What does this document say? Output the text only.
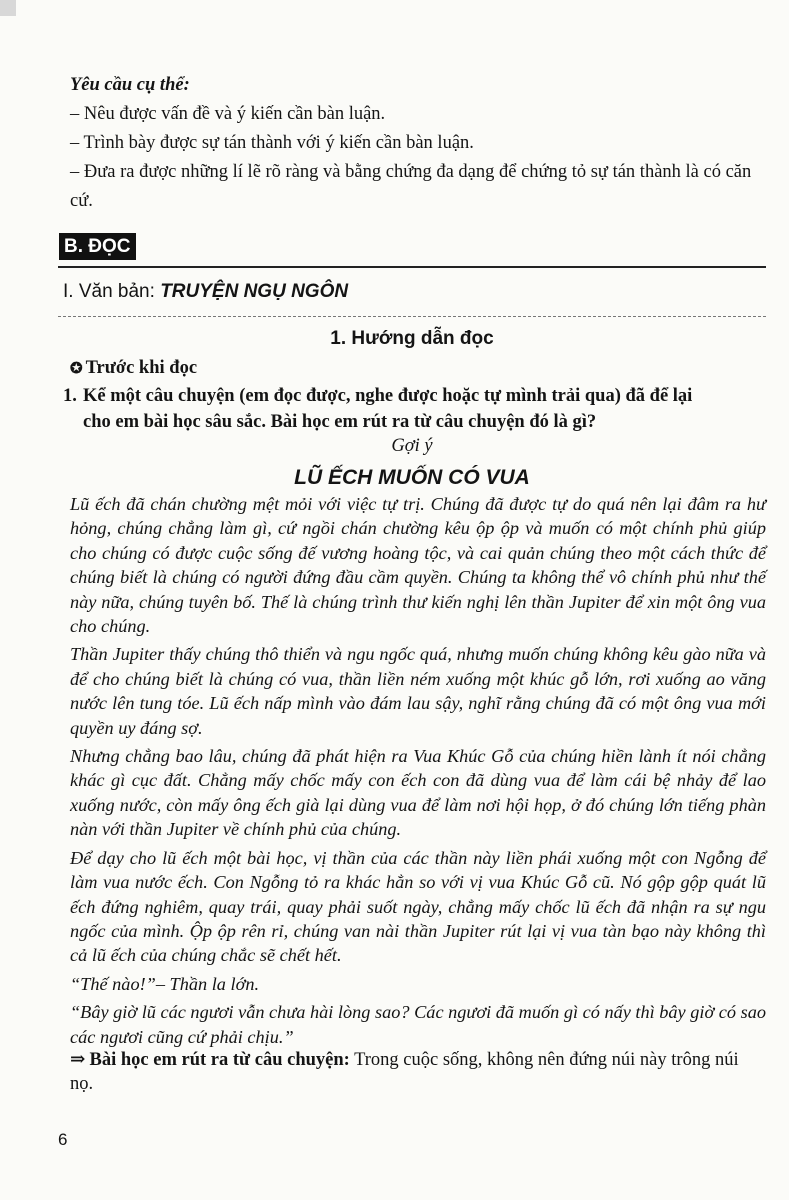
Yêu cầu cụ thể:

– Nêu được vấn đề và ý kiến cần bàn luận.

– Trình bày được sự tán thành với ý kiến cần bàn luận.

– Đưa ra được những lí lẽ rõ ràng và bằng chứng đa dạng để chứng tỏ sự tán thành là có căn cứ.

B. ĐỌC
I. Văn bản: TRUYỆN NGỤ NGÔN
1. Hướng dẫn đọc
✪ Trước khi đọc
1. Kể một câu chuyện (em đọc được, nghe được hoặc tự mình trải qua) đã để lại
cho em bài học sâu sắc. Bài học em rút ra từ câu chuyện đó là gì?
Gợi ý
LŨ ẾCH MUỐN CÓ VUA

Lũ ếch đã chán chường mệt mỏi với việc tự trị. Chúng đã được tự do quá nên lại đâm ra hư hỏng, chúng chẳng làm gì, cứ ngồi chán chường kêu ộp ộp và muốn có một chính phủ giúp cho chúng có được cuộc sống đế vương hoàng tộc, và cai quản chúng theo một cách thức để chúng biết là chúng có người đứng đầu cầm quyền. Chúng ta không thể vô chính phủ như thế này nữa, chúng tuyên bố. Thế là chúng trình thư kiến nghị lên thần Jupiter để xin một ông vua cho chúng.

Thần Jupiter thấy chúng thô thiển và ngu ngốc quá, nhưng muốn chúng không kêu gào nữa và để cho chúng biết là chúng có vua, thần liền ném xuống một khúc gỗ lớn, rơi xuống ao văng nước lên tung tóe. Lũ ếch nấp mình vào đám lau sậy, nghĩ rằng chúng đã có một ông vua mới quyền uy đáng sợ.

Nhưng chẳng bao lâu, chúng đã phát hiện ra Vua Khúc Gỗ của chúng hiền lành ít nói chẳng khác gì cục đất. Chẳng mấy chốc mấy con ếch con đã dùng vua để làm cái bệ nhảy để lao xuống nước, còn mấy ông ếch già lại dùng vua để làm nơi hội họp, ở đó chúng lớn tiếng phàn nàn với thần Jupiter về chính phủ của chúng.

Để dạy cho lũ ếch một bài học, vị thần của các thần này liền phái xuống một con Ngỗng để làm vua nước ếch. Con Ngỗng tỏ ra khác hẳn so với vị vua Khúc Gỗ cũ. Nó gộp gộp quát lũ ếch đứng nghiêm, quay trái, quay phải suốt ngày, chẳng mấy chốc lũ ếch đã nhận ra sự ngu ngốc của mình. Ộp ộp rên rỉ, chúng van nài thần Jupiter rút lại vị vua tàn bạo này không thì cả lũ ếch của chúng chắc sẽ chết hết.

“Thế nào!”– Thần la lớn.

“Bây giờ lũ các ngươi vẫn chưa hài lòng sao? Các ngươi đã muốn gì có nấy thì bây giờ có sao các ngươi cũng cứ phải chịu.”

⇒ Bài học em rút ra từ câu chuyện: Trong cuộc sống, không nên đứng núi này trông núi nọ.
6
